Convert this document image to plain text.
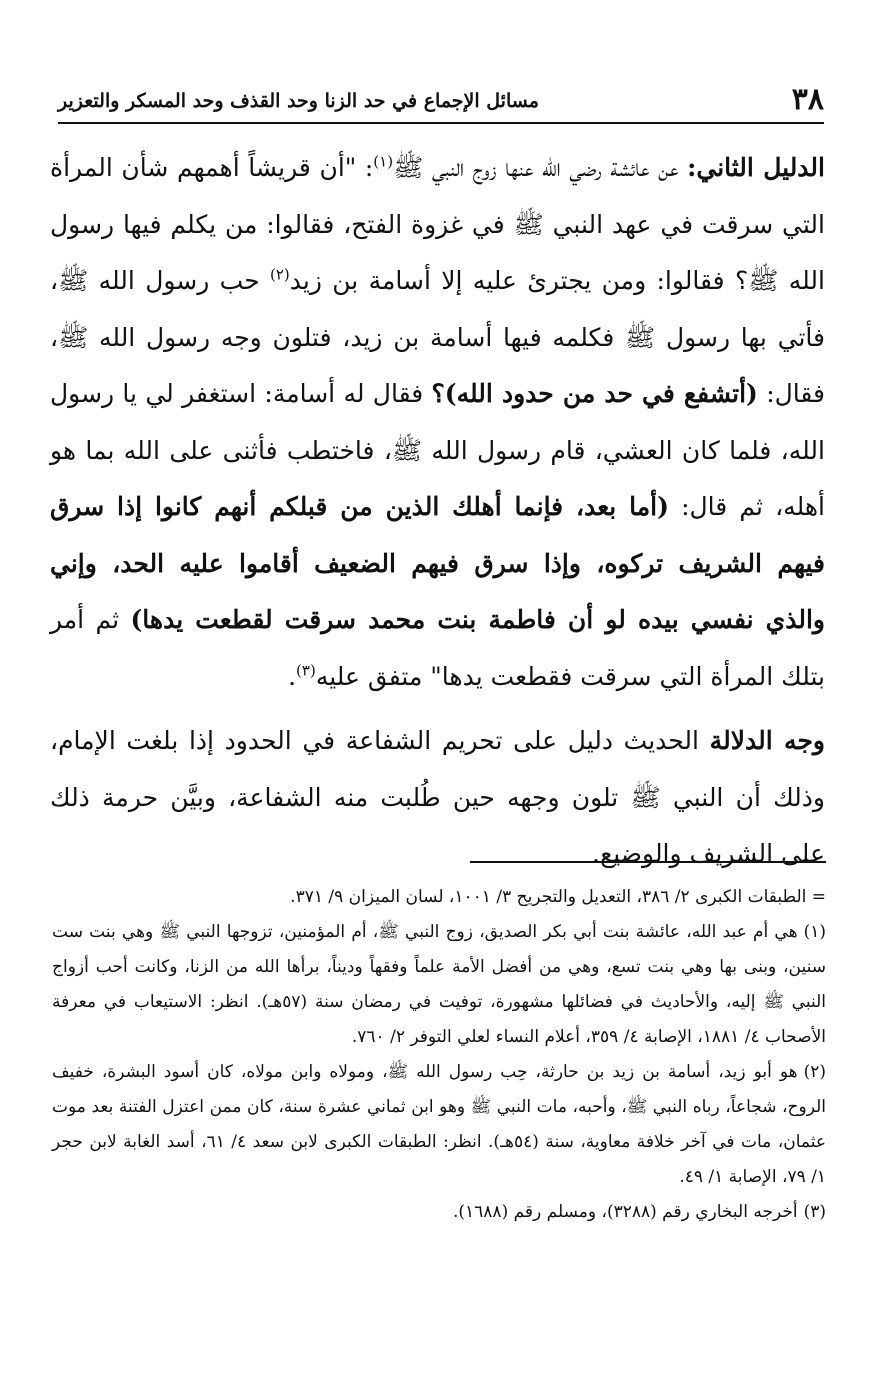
٣٨
مسائل الإجماع في حد الزنا وحد القذف وحد المسكر والتعزير

الدليل الثاني: عن عائشة رضي الله عنها زوج النبي ﷺ$^{(١)}$: "أن قريشاً أهمهم شأن المرأة التي سرقت في عهد النبي ﷺ في غزوة الفتح، فقالوا: من يكلم فيها رسول الله ﷺ؟ فقالوا: ومن يجترئ عليه إلا أسامة بن زيد$^{(٢)}$ حب رسول الله ﷺ، فأتي بها رسول ﷺ فكلمه فيها أسامة بن زيد، فتلون وجه رسول الله ﷺ، فقال: (أتشفع في حد من حدود الله)؟ فقال له أسامة: استغفر لي يا رسول الله، فلما كان العشي، قام رسول الله ﷺ، فاختطب فأثنى على الله بما هو أهله، ثم قال: (أما بعد، فإنما أهلك الذين من قبلكم أنهم كانوا إذا سرق فيهم الشريف تركوه، وإذا سرق فيهم الضعيف أقاموا عليه الحد، وإني والذي نفسي بيده لو أن فاطمة بنت محمد سرقت لقطعت يدها) ثم أمر بتلك المرأة التي سرقت فقطعت يدها" متفق عليه$^{(٣)}$.

وجه الدلالة الحديث دليل على تحريم الشفاعة في الحدود إذا بلغت الإمام، وذلك أن النبي ﷺ تلون وجهه حين طُلبت منه الشفاعة، وبيَّن حرمة ذلك على الشريف والوضيع.

= الطبقات الكبرى ٢/ ٣٨٦، التعديل والتجريح ٣/ ١٠٠١، لسان الميزان ٩/ ٣٧١.

(١)هي أم عبد الله، عائشة بنت أبي بكر الصديق، زوج النبي ﷺ، أم المؤمنين، تزوجها النبي ﷺ وهي بنت ست سنين، وبنى بها وهي بنت تسع، وهي من أفضل الأمة علماً وفقهاً وديناً، برأها الله من الزنا، وكانت أحب أزواج النبي ﷺ إليه، والأحاديث في فضائلها مشهورة، توفيت في رمضان سنة (٥٧هـ). انظر: الاستيعاب في معرفة الأصحاب ٤/ ١٨٨١، الإصابة ٤/ ٣٥٩، أعلام النساء لعلي التوفر ٢/ ٧٦٠.

(٢)هو أبو زيد، أسامة بن زيد بن حارثة، حِب رسول الله ﷺ، ومولاه وابن مولاه، كان أسود البشرة، خفيف الروح، شجاعاً، رباه النبي ﷺ، وأحبه، مات النبي ﷺ وهو ابن ثماني عشرة سنة، كان ممن اعتزل الفتنة بعد موت عثمان، مات في آخر خلافة معاوية، سنة (٥٤هـ). انظر: الطبقات الكبرى لابن سعد ٤/ ٦١، أسد الغابة لابن حجر ١/ ٧٩، الإصابة ١/ ٤٩.

(٣)أخرجه البخاري رقم (٣٢٨٨)، ومسلم رقم (١٦٨٨).
